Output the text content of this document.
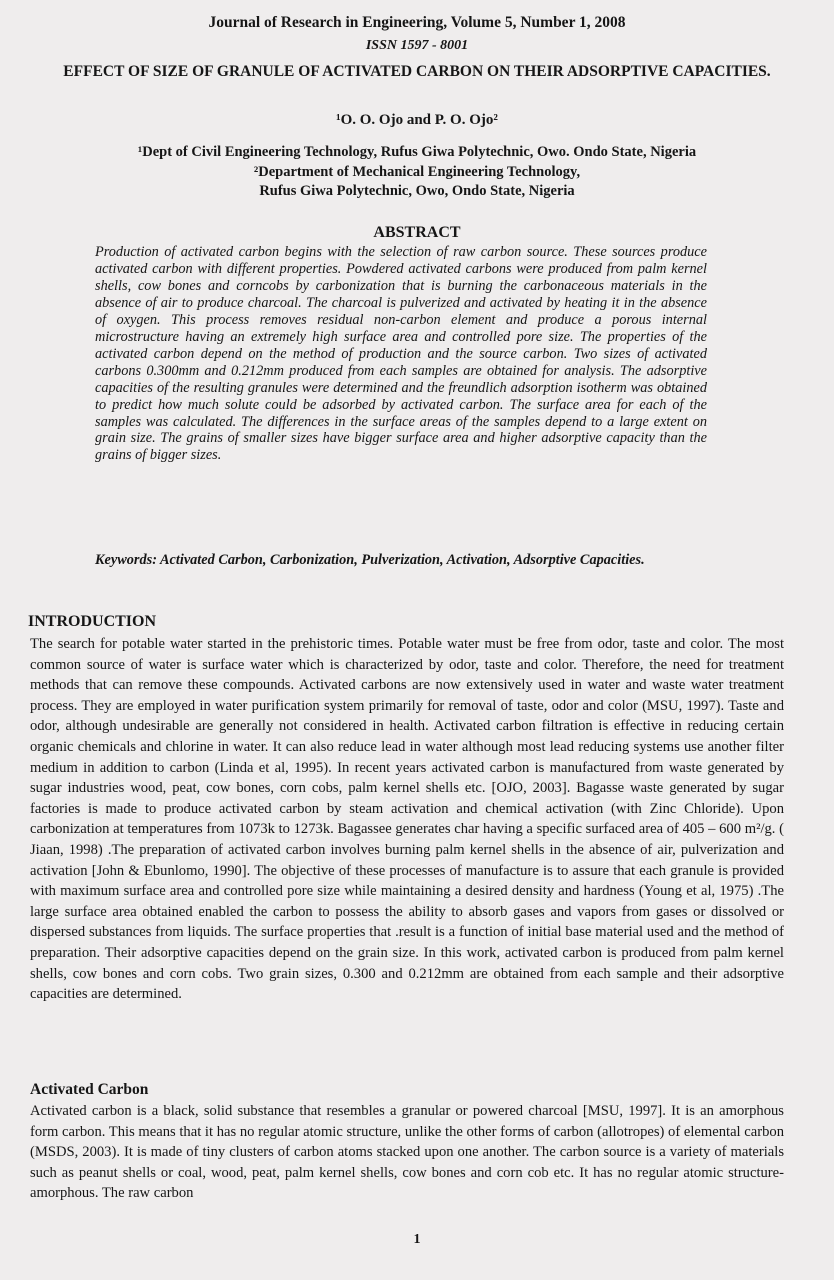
Journal of Research in Engineering, Volume 5, Number 1, 2008
ISSN 1597 - 8001
EFFECT OF SIZE OF GRANULE OF ACTIVATED CARBON ON THEIR ADSORPTIVE CAPACITIES.
¹O. O. Ojo and P. O. Ojo²
¹Dept of Civil Engineering Technology, Rufus Giwa Polytechnic, Owo. Ondo State, Nigeria
²Department of Mechanical Engineering Technology,
Rufus Giwa Polytechnic, Owo, Ondo State, Nigeria
ABSTRACT
Production of activated carbon begins with the selection of raw carbon source. These sources produce activated carbon with different properties. Powdered activated carbons were produced from palm kernel shells, cow bones and corncobs by carbonization that is burning the carbonaceous materials in the absence of air to produce charcoal. The charcoal is pulverized and activated by heating it in the absence of oxygen. This process removes residual non-carbon element and produce a porous internal microstructure having an extremely high surface area and controlled pore size. The properties of the activated carbon depend on the method of production and the source carbon. Two sizes of activated carbons 0.300mm and 0.212mm produced from each samples are obtained for analysis. The adsorptive capacities of the resulting granules were determined and the freundlich adsorption isotherm was obtained to predict how much solute could be adsorbed by activated carbon. The surface area for each of the samples was calculated. The differences in the surface areas of the samples depend to a large extent on grain size. The grains of smaller sizes have bigger surface area and higher adsorptive capacity than the grains of bigger sizes.
Keywords: Activated Carbon, Carbonization, Pulverization, Activation, Adsorptive Capacities.
INTRODUCTION
The search for potable water started in the prehistoric times. Potable water must be free from odor, taste and color. The most common source of water is surface water which is characterized by odor, taste and color. Therefore, the need for treatment methods that can remove these compounds. Activated carbons are now extensively used in water and waste water treatment process. They are employed in water purification system primarily for removal of taste, odor and color (MSU, 1997). Taste and odor, although undesirable are generally not considered in health. Activated carbon filtration is effective in reducing certain organic chemicals and chlorine in water. It can also reduce lead in water although most lead reducing systems use another filter medium in addition to carbon (Linda et al, 1995). In recent years activated carbon is manufactured from waste generated by sugar industries wood, peat, cow bones, corn cobs, palm kernel shells etc. [OJO, 2003]. Bagasse waste generated by sugar factories is made to produce activated carbon by steam activation and chemical activation (with Zinc Chloride). Upon carbonization at temperatures from 1073k to 1273k. Bagassee generates char having a specific surfaced area of 405 – 600 m²/g. ( Jiaan, 1998) .The preparation of activated carbon involves burning palm kernel shells in the absence of air, pulverization and activation [John & Ebunlomo, 1990]. The objective of these processes of manufacture is to assure that each granule is provided with maximum surface area and controlled pore size while maintaining a desired density and hardness (Young et al, 1975) .The large surface area obtained enabled the carbon to possess the ability to absorb gases and vapors from gases or dissolved or dispersed substances from liquids. The surface properties that .result is a function of initial base material used and the method of preparation. Their adsorptive capacities depend on the grain size. In this work, activated carbon is produced from palm kernel shells, cow bones and corn cobs. Two grain sizes, 0.300 and 0.212mm are obtained from each sample and their adsorptive capacities are determined.
Activated Carbon
Activated carbon is a black, solid substance that resembles a granular or powered charcoal [MSU, 1997]. It is an amorphous form carbon. This means that it has no regular atomic structure, unlike the other forms of carbon (allotropes) of elemental carbon (MSDS, 2003). It is made of tiny clusters of carbon atoms stacked upon one another. The carbon source is a variety of materials such as peanut shells or coal, wood, peat, palm kernel shells, cow bones and corn cob etc. It has no regular atomic structure-amorphous. The raw carbon
1
